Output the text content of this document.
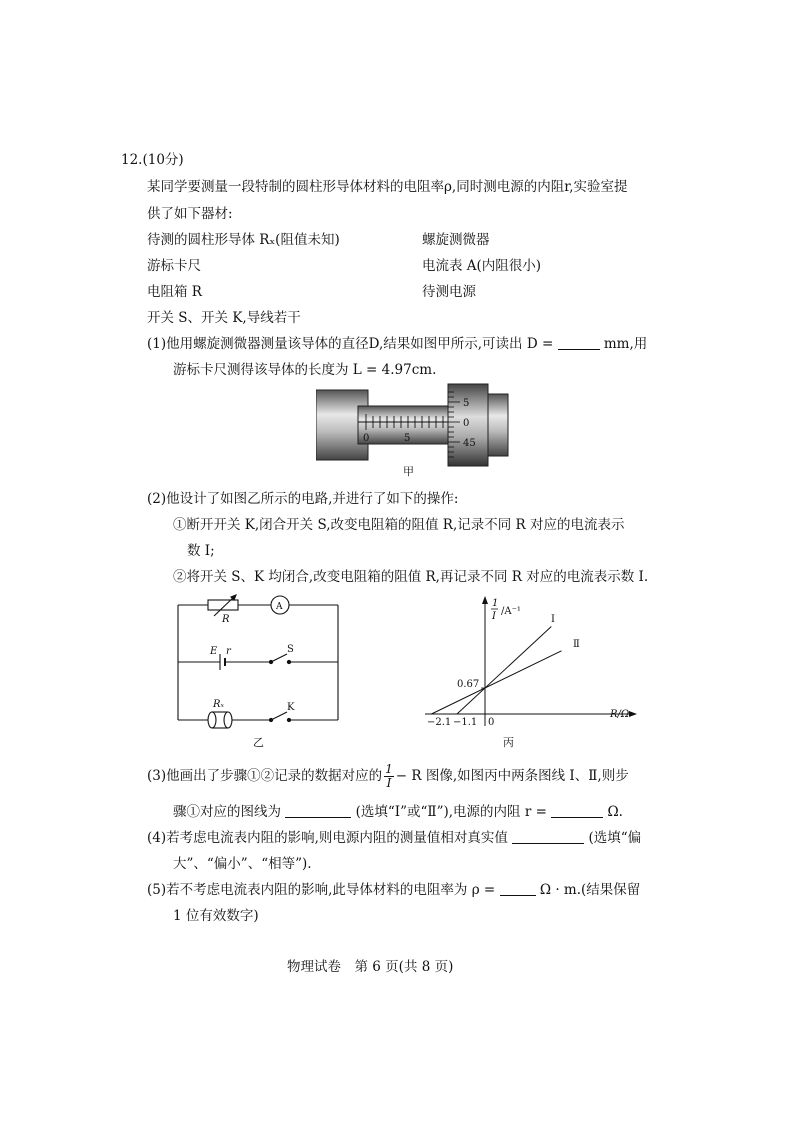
12.(10分)
某同学要测量一段特制的圆柱形导体材料的电阻率ρ,同时测电源的内阻r,实验室提
供了如下器材:
待测的圆柱形导体 Rₓ(阻值未知)	螺旋测微器
游标卡尺	电流表 A(内阻很小)
电阻箱 R	待测电源
开关 S、开关 K,导线若干
(1)他用螺旋测微器测量该导体的直径D,结果如图甲所示,可读出 D =	mm,用
游标卡尺测得该导体的长度为 L = 4.97cm.
0	5
5
0
45
甲
(2)他设计了如图乙所示的电路,并进行了如下的操作:
①断开开关 K,闭合开关 S,改变电阻箱的阻值 R,记录不同 R 对应的电流表示
数 I;
②将开关 S、K 均闭合,改变电阻箱的阻值 R,再记录不同 R 对应的电流表示数 I.
R
A
E r	S
Rₓ	K
乙
1
I /A⁻¹
R/Ω
0.67
−2.1 −1.1 0
Ⅰ
Ⅱ
丙
(3)他画出了步骤①②记录的数据对应的 $\frac{1}{I} - R$ 图像,如图丙中两条图线 Ⅰ、Ⅱ,则步
骤①对应的图线为	(选填“Ⅰ”或“Ⅱ”),电源的内阻 r =	Ω.
(4)若考虑电流表内阻的影响,则电源内阻的测量值相对真实值	(选填“偏
大”、“偏小”、“相等”).
(5)若不考虑电流表内阻的影响,此导体材料的电阻率为 ρ =	Ω · m.(结果保留
1 位有效数字)
物理试卷　第 6 页(共 8 页)
